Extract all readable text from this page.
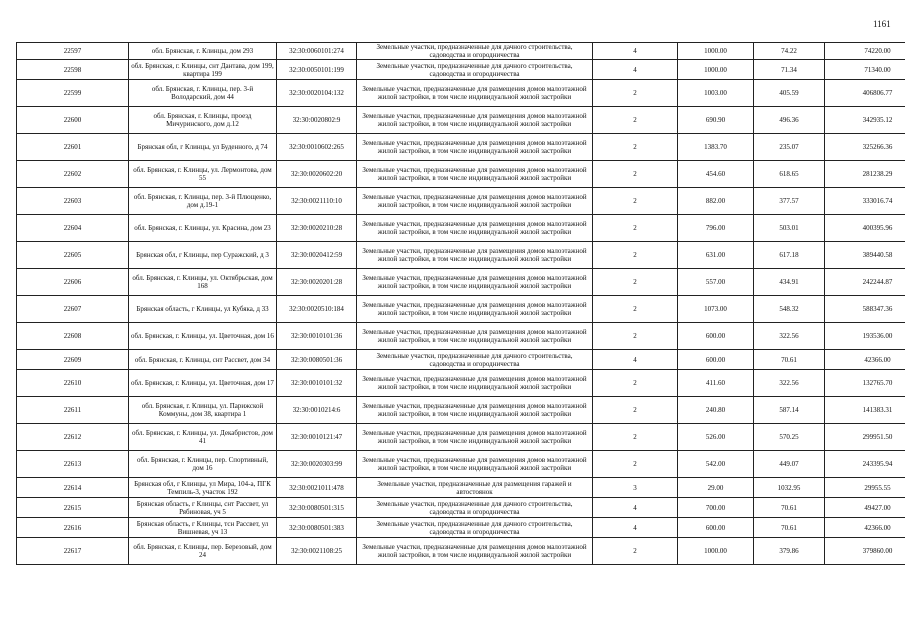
1161
22597	обл. Брянская, г. Клинцы, дом 293	32:30:0060101:274	Земельные участки, предназначенные для дачного строительства, садоводства и огородничества	4	1000.00	74.22	74220.00
22598	обл. Брянская, г. Клинцы, снт Дантава, дом 199, квартира 199	32:30:0050101:199	Земельные участки, предназначенные для дачного строительства, садоводства и огородничества	4	1000.00	71.34	71340.00
22599	обл. Брянская, г. Клинцы, пер. 3-й Володарский, дом 44	32:30:0020104:132	Земельные участки, предназначенные для размещения домов малоэтажной жилой застройки, в том числе индивидуальной жилой застройки	2	1003.00	405.59	406806.77
22600	обл. Брянская, г. Клинцы, проезд Мичуринского, дом д.12	32:30:0020802:9	Земельные участки, предназначенные для размещения домов малоэтажной жилой застройки, в том числе индивидуальной жилой застройки	2	690.90	496.36	342935.12
22601	Брянская обл, г Клинцы, ул Буденного, д 74	32:30:0010602:265	Земельные участки, предназначенные для размещения домов малоэтажной жилой застройки, в том числе индивидуальной жилой застройки	2	1383.70	235.07	325266.36
22602	обл. Брянская, г. Клинцы, ул. Лермонтова, дом 55	32:30:0020602:20	Земельные участки, предназначенные для размещения домов малоэтажной жилой застройки, в том числе индивидуальной жилой застройки	2	454.60	618.65	281238.29
22603	обл. Брянская, г. Клинцы, пер. 3-й Плющенко, дом д.19-1	32:30:0021110:10	Земельные участки, предназначенные для размещения домов малоэтажной жилой застройки, в том числе индивидуальной жилой застройки	2	882.00	377.57	333016.74
22604	обл. Брянская, г. Клинцы, ул. Красина, дом 23	32:30:0020210:28	Земельные участки, предназначенные для размещения домов малоэтажной жилой застройки, в том числе индивидуальной жилой застройки	2	796.00	503.01	400395.96
22605	Брянская обл, г Клинцы, пер Суражский, д 3	32:30:0020412:59	Земельные участки, предназначенные для размещения домов малоэтажной жилой застройки, в том числе индивидуальной жилой застройки	2	631.00	617.18	389440.58
22606	обл. Брянская, г. Клинцы, ул. Октябрьская, дом 168	32:30:0020201:28	Земельные участки, предназначенные для размещения домов малоэтажной жилой застройки, в том числе индивидуальной жилой застройки	2	557.00	434.91	242244.87
22607	Брянская область, г Клинцы, ул Кубяка, д 33	32:30:0020510:184	Земельные участки, предназначенные для размещения домов малоэтажной жилой застройки, в том числе индивидуальной жилой застройки	2	1073.00	548.32	588347.36
22608	обл. Брянская, г. Клинцы, ул. Цветочная, дом 16	32:30:0010101:36	Земельные участки, предназначенные для размещения домов малоэтажной жилой застройки, в том числе индивидуальной жилой застройки	2	600.00	322.56	193536.00
22609	обл. Брянская, г. Клинцы, снт Рассвет, дом 34	32:30:0080501:36	Земельные участки, предназначенные для дачного строительства, садоводства и огородничества	4	600.00	70.61	42366.00
22610	обл. Брянская, г. Клинцы, ул. Цветочная, дом 17	32:30:0010101:32	Земельные участки, предназначенные для размещения домов малоэтажной жилой застройки, в том числе индивидуальной жилой застройки	2	411.60	322.56	132765.70
22611	обл. Брянская, г. Клинцы, ул. Парижской Коммуны, дом 38, квартира 1	32:30:0010214:6	Земельные участки, предназначенные для размещения домов малоэтажной жилой застройки, в том числе индивидуальной жилой застройки	2	240.80	587.14	141383.31
22612	обл. Брянская, г. Клинцы, ул. Декабристов, дом 41	32:30:0010121:47	Земельные участки, предназначенные для размещения домов малоэтажной жилой застройки, в том числе индивидуальной жилой застройки	2	526.00	570.25	299951.50
22613	обл. Брянская, г. Клинцы, пер. Спортивный, дом 16	32:30:0020303:99	Земельные участки, предназначенные для размещения домов малоэтажной жилой застройки, в том числе индивидуальной жилой застройки	2	542.00	449.07	243395.94
22614	Брянская обл, г Клинцы, ул Мира, 104-а, ПГК Темпиль-3, участок 192	32:30:0021011:478	Земельные участки, предназначенные для размещения гаражей и автостоянок	3	29.00	1032.95	29955.55
22615	Брянская область, г Клинцы, снт Рассвет, ул Рябиновая, уч 5	32:30:0080501:315	Земельные участки, предназначенные для дачного строительства, садоводства и огородничества	4	700.00	70.61	49427.00
22616	Брянская область, г Клинцы, тсн Рассвет, ул Вишневая, уч 13	32:30:0080501:383	Земельные участки, предназначенные для дачного строительства, садоводства и огородничества	4	600.00	70.61	42366.00
22617	обл. Брянская, г. Клинцы, пер. Березовый, дом 24	32:30:0021108:25	Земельные участки, предназначенные для размещения домов малоэтажной жилой застройки, в том числе индивидуальной жилой застройки	2	1000.00	379.86	379860.00
